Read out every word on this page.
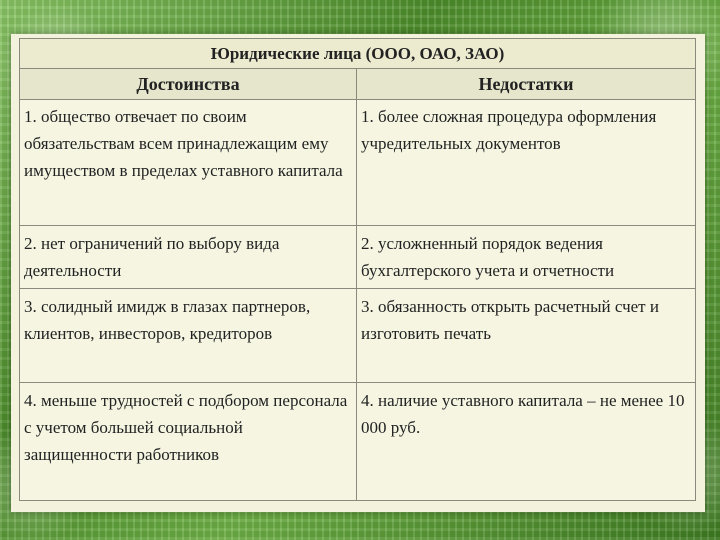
Юридические лица (ООО, ОАО, ЗАО)	
Достоинства	Недостатки
1. общество отвечает по своим обязательствам всем принадлежащим ему имуществом в пределах уставного капитала	1. более сложная процедура оформления учредительных документов
2. нет ограничений по выбору вида деятельности	2. усложненный порядок ведения бухгалтерского учета и отчетности
3. солидный имидж в глазах партнеров, клиентов, инвесторов, кредиторов	3. обязанность открыть расчетный счет и изготовить печать
4. меньше трудностей с подбором персонала с учетом большей социальной защищенности работников	4. наличие уставного капитала – не менее 10 000 руб.
